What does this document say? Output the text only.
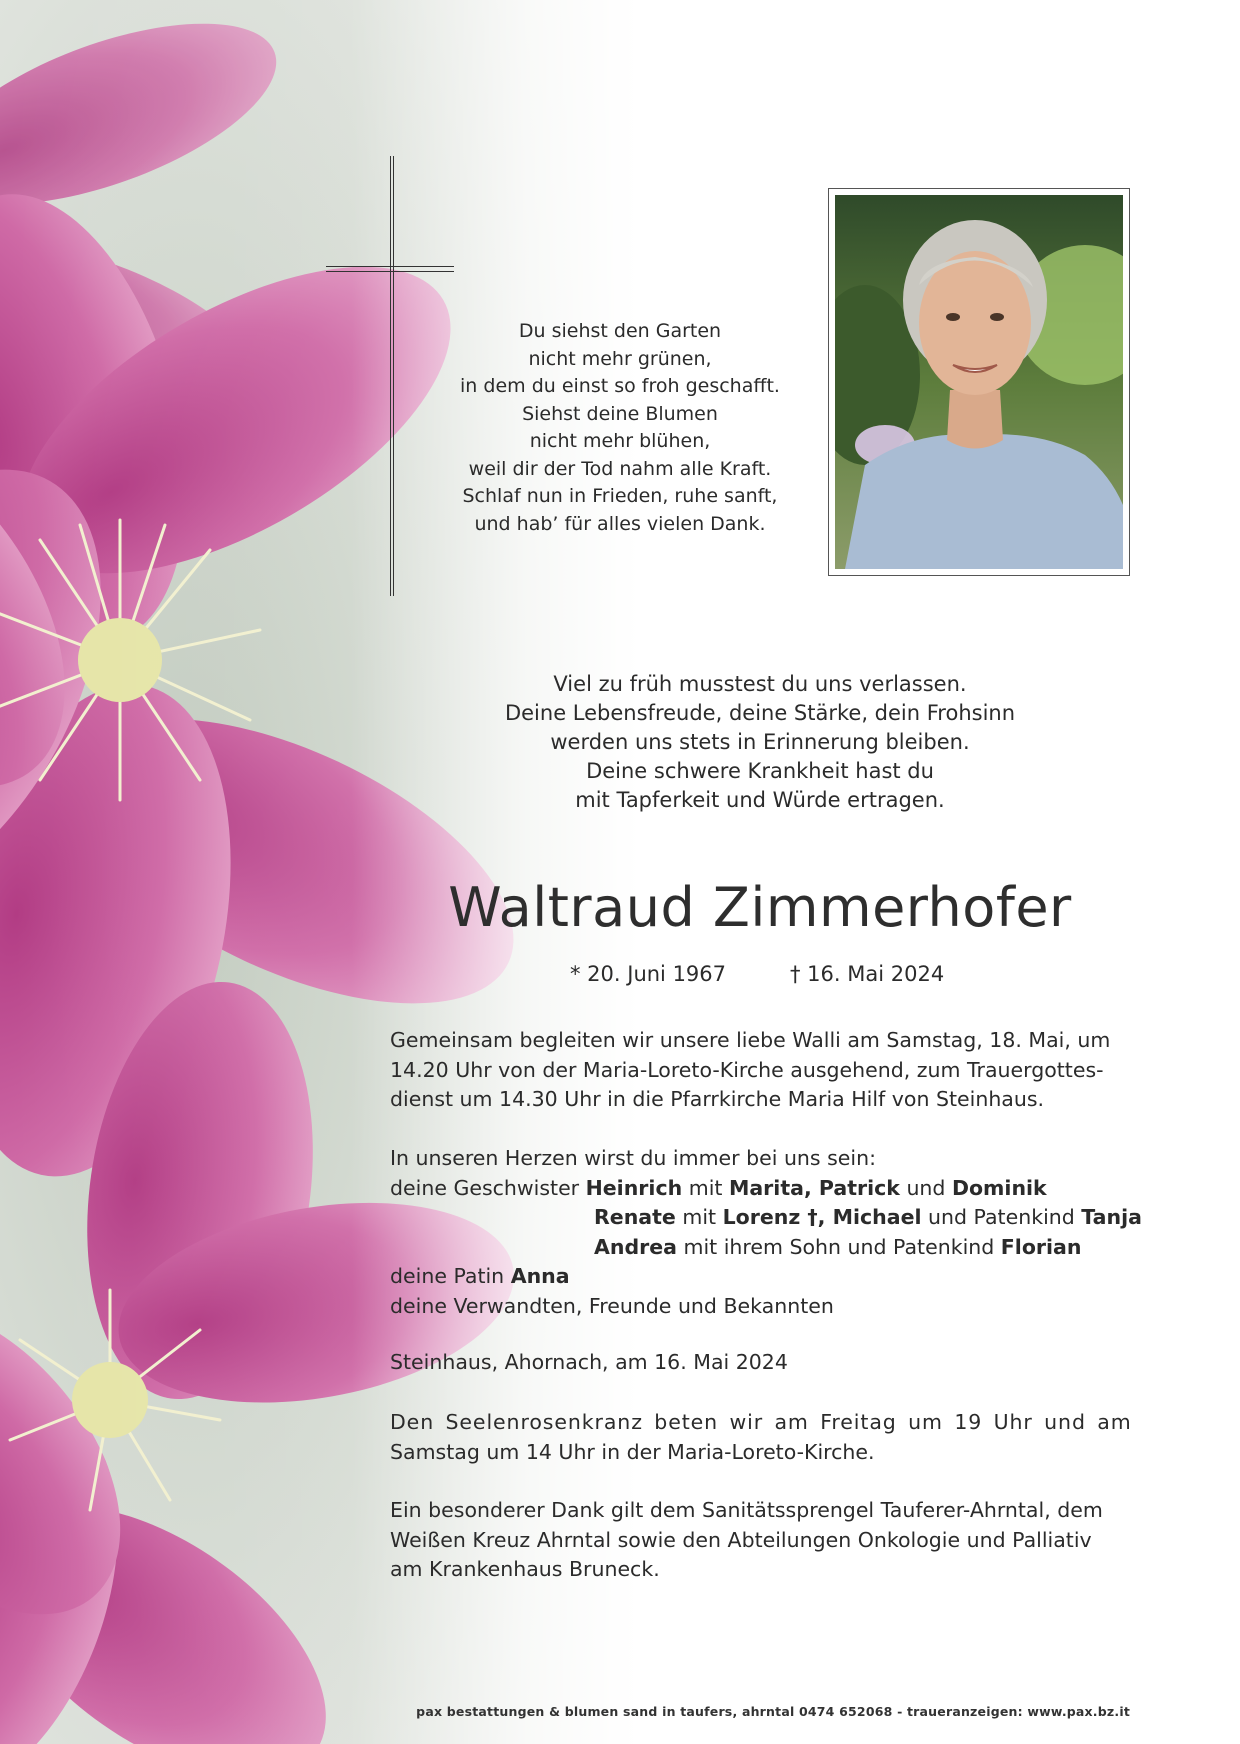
Du siehst den Garten
nicht mehr grünen,
in dem du einst so froh geschafft.
Siehst deine Blumen
nicht mehr blühen,
weil dir der Tod nahm alle Kraft.
Schlaf nun in Frieden, ruhe sanft,
und hab’ für alles vielen Dank.
Viel zu früh musstest du uns verlassen.
Deine Lebensfreude, deine Stärke, dein Frohsinn
werden uns stets in Erinnerung bleiben.
Deine schwere Krankheit hast du
mit Tapferkeit und Würde ertragen.
Waltraud Zimmerhofer
* 20. Juni 1967	† 16. Mai 2024
Gemeinsam begleiten wir unsere liebe Walli am Samstag, 18. Mai, um
14.20 Uhr von der Maria-Loreto-Kirche ausgehend, zum Trauergottes-
dienst um 14.30 Uhr in die Pfarrkirche Maria Hilf von Steinhaus.
In unseren Herzen wirst du immer bei uns sein:
deine Geschwister Heinrich mit Marita, Patrick und Dominik
Renate mit Lorenz †, Michael und Patenkind Tanja
Andrea mit ihrem Sohn und Patenkind Florian
deine Patin Anna
deine Verwandten, Freunde und Bekannten
Steinhaus, Ahornach, am 16. Mai 2024
Den Seelenrosenkranz beten wir am Freitag um 19 Uhr und am
Samstag um 14 Uhr in der Maria-Loreto-Kirche.
Ein besonderer Dank gilt dem Sanitätssprengel Tauferer-Ahrntal, dem
Weißen Kreuz Ahrntal sowie den Abteilungen Onkologie und Palliativ
am Krankenhaus Bruneck.
pax bestattungen & blumen sand in taufers, ahrntal 0474 652068 - traueranzeigen: www.pax.bz.it
